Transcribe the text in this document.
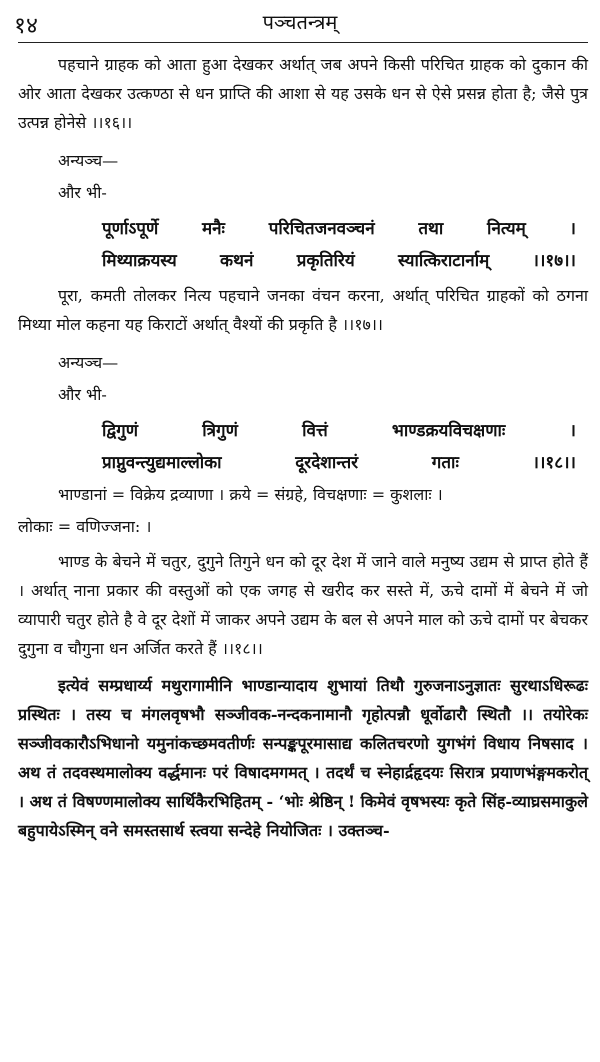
१४	पञ्चतन्त्रम्

पहचाने ग्राहक को आता हुआ देखकर अर्थात् जब अपने किसी परिचित ग्राहक को दुकान की ओर आता देखकर उत्कण्ठा से धन प्राप्ति की आशा से यह उसके धन से ऐसे प्रसन्न होता है; जैसे पुत्र उत्पन्न होनेसे ।।१६।।

अन्यञ्च—
और भी-
पूर्णाऽपूर्णे मनैः परिचितजनवञ्चनं तथा नित्यम् ।
मिथ्याक्रयस्य कथनं प्रकृतिरियं स्यात्किराटार्नाम् ।।१७।।

पूरा, कमती तोलकर नित्य पहचाने जनका वंचन करना, अर्थात् परिचित ग्राहकों को ठगना मिथ्या मोल कहना यह किराटों अर्थात् वैश्यों की प्रकृति है ।।१७।।

अन्यञ्च—
और भी-
द्विगुणं त्रिगुणं वित्तं भाण्डक्रयविचक्षणाः ।
प्राप्नुवन्त्युद्यमाल्लोका दूरदेशान्तरं गताः ।।१८।।
भाण्डानां = विक्रेय द्रव्याणा । क्रये = संग्रहे, विचक्षणाः = कुशलाः ।
लोकाः = वणिज्जना: ।

भाण्ड के बेचने में चतुर, दुगुने तिगुने धन को दूर देश में जाने वाले मनुष्य उद्यम से प्राप्त होते हैं । अर्थात् नाना प्रकार की वस्तुओं को एक जगह से खरीद कर सस्ते में, ऊचे दामों में बेचने में जो व्यापारी चतुर होते है वे दूर देशों में जाकर अपने उद्यम के बल से अपने माल को ऊचे दामों पर बेचकर दुगुना व चौगुना धन अर्जित करते हैं ।।१८।।

इत्येवं सम्प्रधार्य्य मथुरागामीनि भाण्डान्यादाय शुभायां तिथौ गुरुजनाऽनुज्ञातः सुरथाऽधिरूढः प्रस्थितः । तस्य च मंगलवृषभौ सञ्जीवक-नन्दकनामानौ गृहोत्पन्नौ धूर्वोढारौ स्थितौ ।। तयोरेकः सञ्जीवकारौऽभिधानो यमुनांकच्छमवतीर्णः सन्पङ्कपूरमासाद्य कलितचरणो युगभंगं विधाय निषसाद । अथ तं तदवस्थमालोक्य वर्द्धमानः परं विषादमगमत् । तदर्थं च स्नेहार्द्रहृदयः सिरात्र प्रयाणभंङ्गमकरोत् । अथ तं विषण्णमालोक्य सार्थिकैरभिहितम् - ‘भोः श्रेष्ठिन् ! किमेवं वृषभस्यः कृते सिंह-व्याघ्रसमाकुले बहुपायेऽस्मिन् वने समस्तसार्थ स्त्वया सन्देहे नियोजितः । उक्तञ्च-
